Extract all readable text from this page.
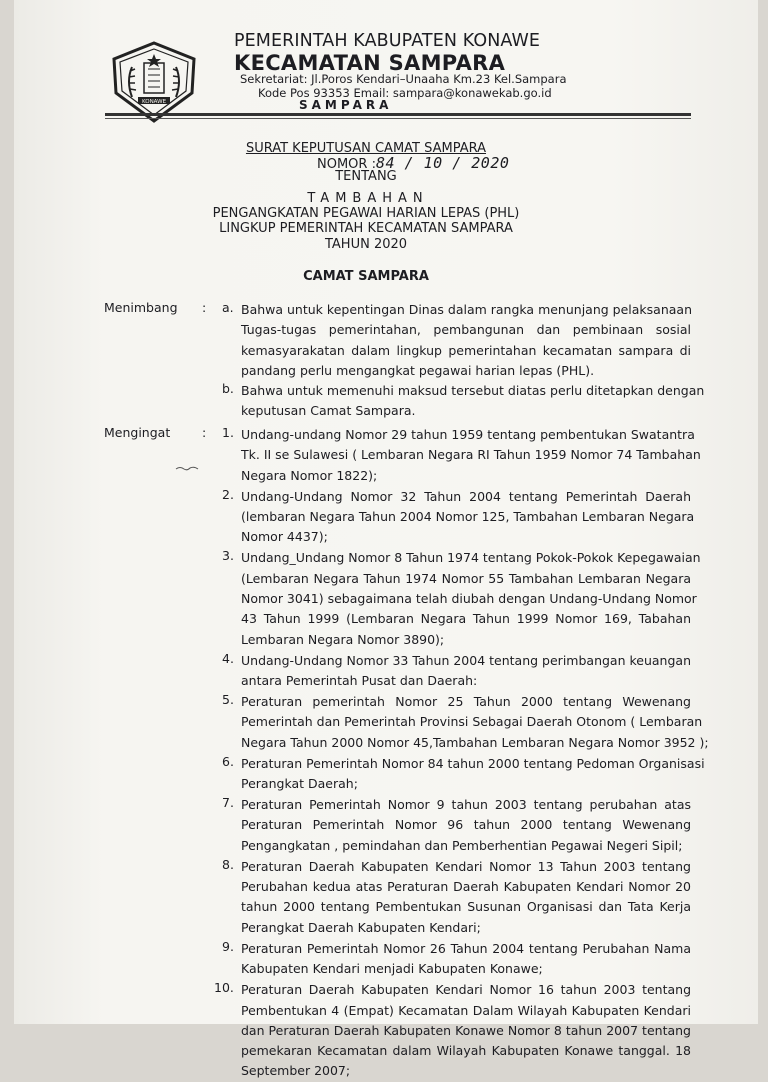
KONAWE
PEMERINTAH KABUPATEN KONAWE
KECAMATAN SAMPARA
Sekretariat: Jl.Poros Kendari–Unaaha Km.23 Kel.Sampara
Kode Pos 93353 Email: sampara@konawekab.go.id
SAMPARA
SURAT KEPUTUSAN CAMAT SAMPARA
NOMOR :84 / 10 / 2020
TENTANG
TAMBAHAN
PENGANGKATAN PEGAWAI HARIAN LEPAS (PHL)
LINGKUP PEMERINTAH KECAMATAN SAMPARA
TAHUN 2020
CAMAT SAMPARA
Menimbang : a. Bahwa untuk kepentingan Dinas dalam rangka menunjang pelaksanaan
Tugas-tugas pemerintahan, pembangunan dan pembinaan sosial
kemasyarakatan dalam lingkup pemerintahan kecamatan sampara di
pandang perlu mengangkat pegawai harian lepas (PHL).
b. Bahwa untuk memenuhi maksud tersebut diatas perlu ditetapkan dengan
keputusan Camat Sampara.
Mengingat	: 1. Undang-undang Nomor 29 tahun 1959 tentang pembentukan Swatantra
Tk. II se Sulawesi ( Lembaran Negara RI Tahun 1959 Nomor 74 Tambahan
Negara Nomor 1822);
2. Undang-Undang Nomor 32 Tahun 2004 tentang Pemerintah Daerah
(lembaran Negara Tahun 2004 Nomor 125, Tambahan Lembaran Negara
Nomor 4437);
3. Undang_Undang Nomor 8 Tahun 1974 tentang Pokok-Pokok Kepegawaian
(Lembaran Negara Tahun 1974 Nomor 55 Tambahan Lembaran Negara
Nomor 3041) sebagaimana telah diubah dengan Undang-Undang Nomor
43 Tahun 1999 (Lembaran Negara Tahun 1999 Nomor 169, Tabahan
Lembaran Negara Nomor 3890);
4. Undang-Undang Nomor 33 Tahun 2004 tentang perimbangan keuangan
antara Pemerintah Pusat dan Daerah:
5. Peraturan pemerintah Nomor 25 Tahun 2000 tentang Wewenang
Pemerintah dan Pemerintah Provinsi Sebagai Daerah Otonom ( Lembaran
Negara Tahun 2000 Nomor 45,Tambahan Lembaran Negara Nomor 3952 );
6. Peraturan Pemerintah Nomor 84 tahun 2000 tentang Pedoman Organisasi
Perangkat Daerah;
7. Peraturan Pemerintah Nomor 9 tahun 2003 tentang perubahan atas
Peraturan Pemerintah Nomor 96 tahun 2000 tentang Wewenang
Pengangkatan , pemindahan dan Pemberhentian Pegawai Negeri Sipil;
8. Peraturan Daerah Kabupaten Kendari Nomor 13 Tahun 2003 tentang
Perubahan kedua atas Peraturan Daerah Kabupaten Kendari Nomor 20
tahun 2000 tentang Pembentukan Susunan Organisasi dan Tata Kerja
Perangkat Daerah Kabupaten Kendari;
9. Peraturan Pemerintah Nomor 26 Tahun 2004 tentang Perubahan Nama
Kabupaten Kendari menjadi Kabupaten Konawe;
10. Peraturan Daerah Kabupaten Kendari Nomor 16 tahun 2003 tentang
Pembentukan 4 (Empat) Kecamatan Dalam Wilayah Kabupaten Kendari
dan Peraturan Daerah Kabupaten Konawe Nomor 8 tahun 2007 tentang
pemekaran Kecamatan dalam Wilayah Kabupaten Konawe tanggal. 18
September 2007;
